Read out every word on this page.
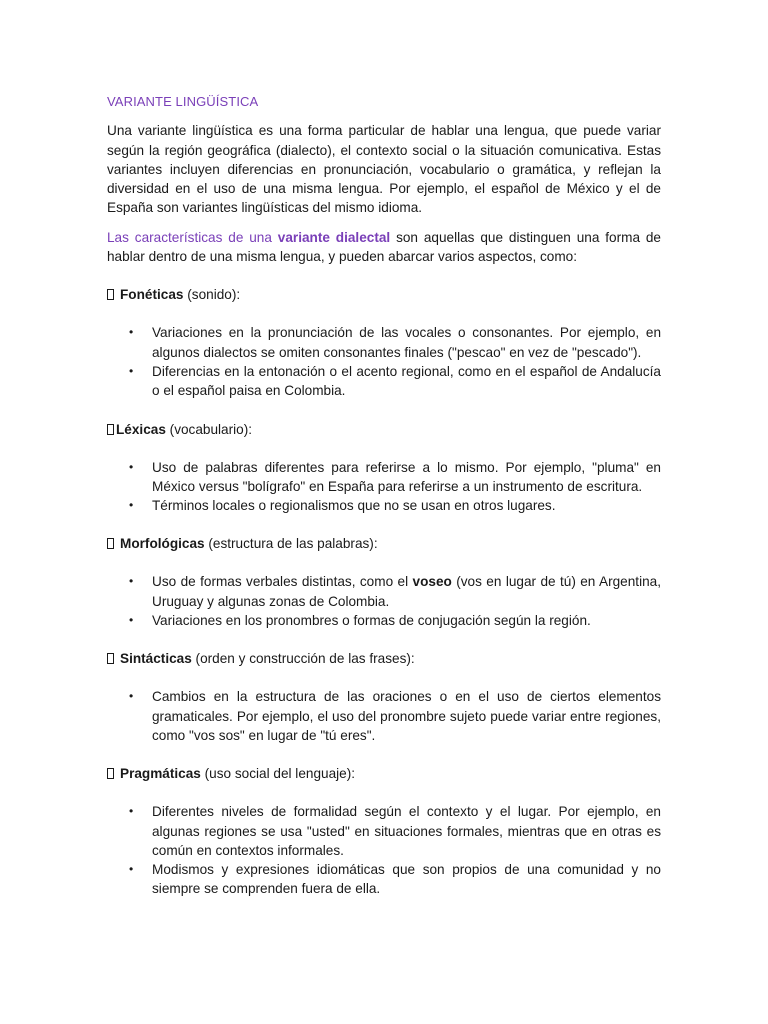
VARIANTE LINGÜÍSTICA

Una variante lingüística es una forma particular de hablar una lengua, que puede variar según la región geográfica (dialecto), el contexto social o la situación comunicativa. Estas variantes incluyen diferencias en pronunciación, vocabulario o gramática, y reflejan la diversidad en el uso de una misma lengua. Por ejemplo, el español de México y el de España son variantes lingüísticas del mismo idioma.

Las características de una variante dialectal son aquellas que distinguen una forma de hablar dentro de una misma lengua, y pueden abarcar varios aspectos, como:

Fonéticas (sonido):
• Variaciones en la pronunciación de las vocales o consonantes. Por ejemplo, en algunos dialectos se omiten consonantes finales ("pescao" en vez de "pescado").
• Diferencias en la entonación o el acento regional, como en el español de Andalucía o el español paisa en Colombia.
Léxicas (vocabulario):
• Uso de palabras diferentes para referirse a lo mismo. Por ejemplo, "pluma" en México versus "bolígrafo" en España para referirse a un instrumento de escritura.
• Términos locales o regionalismos que no se usan en otros lugares.
Morfológicas (estructura de las palabras):
• Uso de formas verbales distintas, como el voseo (vos en lugar de tú) en Argentina, Uruguay y algunas zonas de Colombia.
• Variaciones en los pronombres o formas de conjugación según la región.
Sintácticas (orden y construcción de las frases):
• Cambios en la estructura de las oraciones o en el uso de ciertos elementos gramaticales. Por ejemplo, el uso del pronombre sujeto puede variar entre regiones, como "vos sos" en lugar de "tú eres".
Pragmáticas (uso social del lenguaje):
• Diferentes niveles de formalidad según el contexto y el lugar. Por ejemplo, en algunas regiones se usa "usted" en situaciones formales, mientras que en otras es común en contextos informales.
• Modismos y expresiones idiomáticas que son propios de una comunidad y no siempre se comprenden fuera de ella.
